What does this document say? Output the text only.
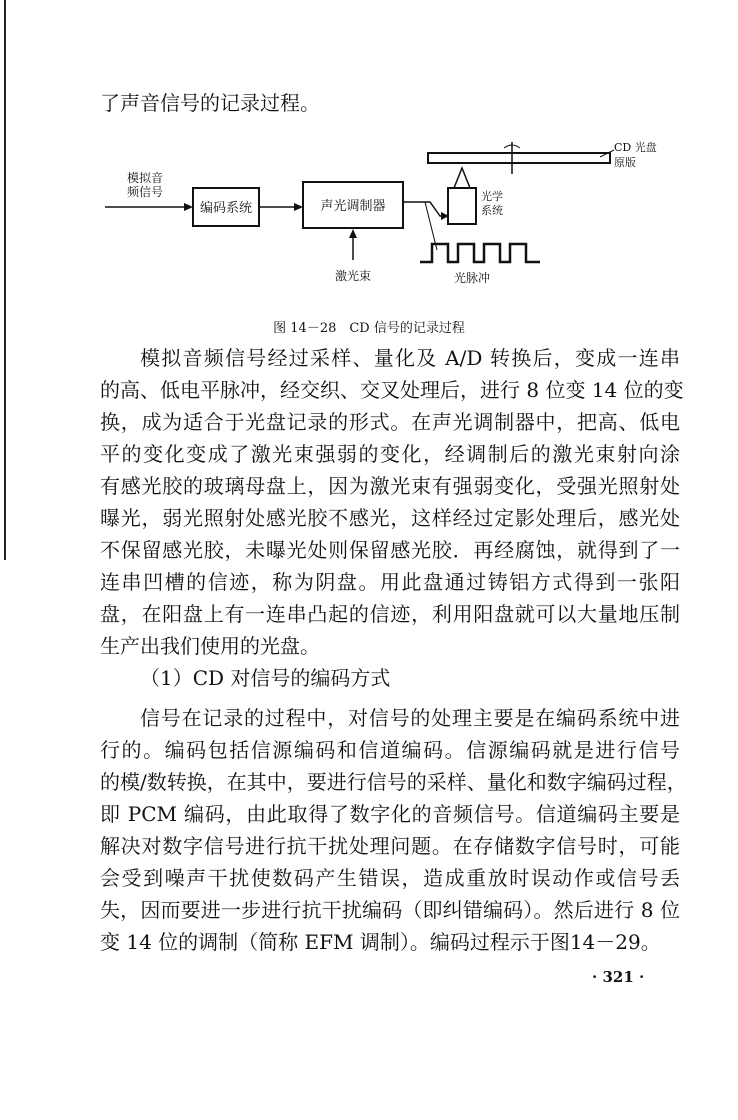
了声音信号的记录过程。
模拟音
频信号
编码系统	声光调制器
激光束
光学
系统
CD 光盘
原版
光脉冲
图 14－28　CD 信号的记录过程
模拟音频信号经过采样、量化及 A/D 转换后，变成一连串
的高、低电平脉冲，经交织、交叉处理后，进行 8 位变 14 位的变
换，成为适合于光盘记录的形式。在声光调制器中，把高、低电
平的变化变成了激光束强弱的变化，经调制后的激光束射向涂
有感光胶的玻璃母盘上，因为激光束有强弱变化，受强光照射处
曝光，弱光照射处感光胶不感光，这样经过定影处理后，感光处
不保留感光胶，未曝光处则保留感光胶．再经腐蚀，就得到了一
连串凹槽的信迹，称为阴盘。用此盘通过铸铝方式得到一张阳
盘，在阳盘上有一连串凸起的信迹，利用阳盘就可以大量地压制
生产出我们使用的光盘。
（1）CD 对信号的编码方式
信号在记录的过程中，对信号的处理主要是在编码系统中进
行的。编码包括信源编码和信道编码。信源编码就是进行信号
的模/数转换，在其中，要进行信号的采样、量化和数字编码过程，
即 PCM 编码，由此取得了数字化的音频信号。信道编码主要是
解决对数字信号进行抗干扰处理问题。在存储数字信号时，可能
会受到噪声干扰使数码产生错误，造成重放时误动作或信号丢
失，因而要进一步进行抗干扰编码（即纠错编码）。然后进行 8 位
变 14 位的调制（简称 EFM 调制）。编码过程示于图14－29。
· 321 ·
